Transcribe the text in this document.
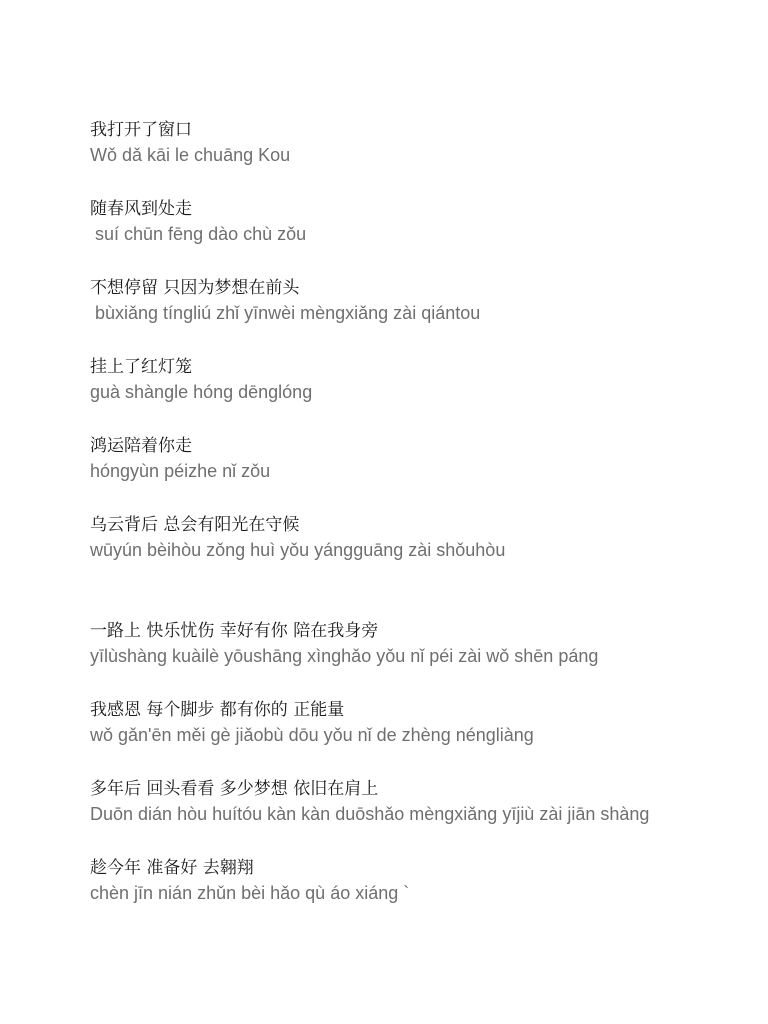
我打开了窗口
Wǒ dǎ kāi le chuāng Kou
随春风到处走
suí chūn fēng dào chù zǒu
不想停留 只因为梦想在前头
bùxiǎng tíngliú zhǐ yīnwèi mèngxiǎng zài qiántou
挂上了红灯笼
guà shàngle hóng dēnglóng
鸿运陪着你走
hóngyùn péizhe nǐ zǒu
乌云背后 总会有阳光在守候
wūyún bèihòu zǒng huì yǒu yángguāng zài shǒuhòu
一路上 快乐忧伤 幸好有你 陪在我身旁
yīlùshàng kuàilè yōushāng xìnghǎo yǒu nǐ péi zài wǒ shēn páng
我感恩 每个脚步 都有你的 正能量
wǒ gǎn'ēn měi gè jiǎobù dōu yǒu nǐ de zhèng néngliàng
多年后 回头看看 多少梦想 依旧在肩上
Duōn dián hòu huítóu kàn kàn duōshǎo mèngxiǎng yījiù zài jiān shàng
趁今年 准备好 去翱翔
chèn jīn nián zhǔn bèi hǎo qù áo xiáng `
